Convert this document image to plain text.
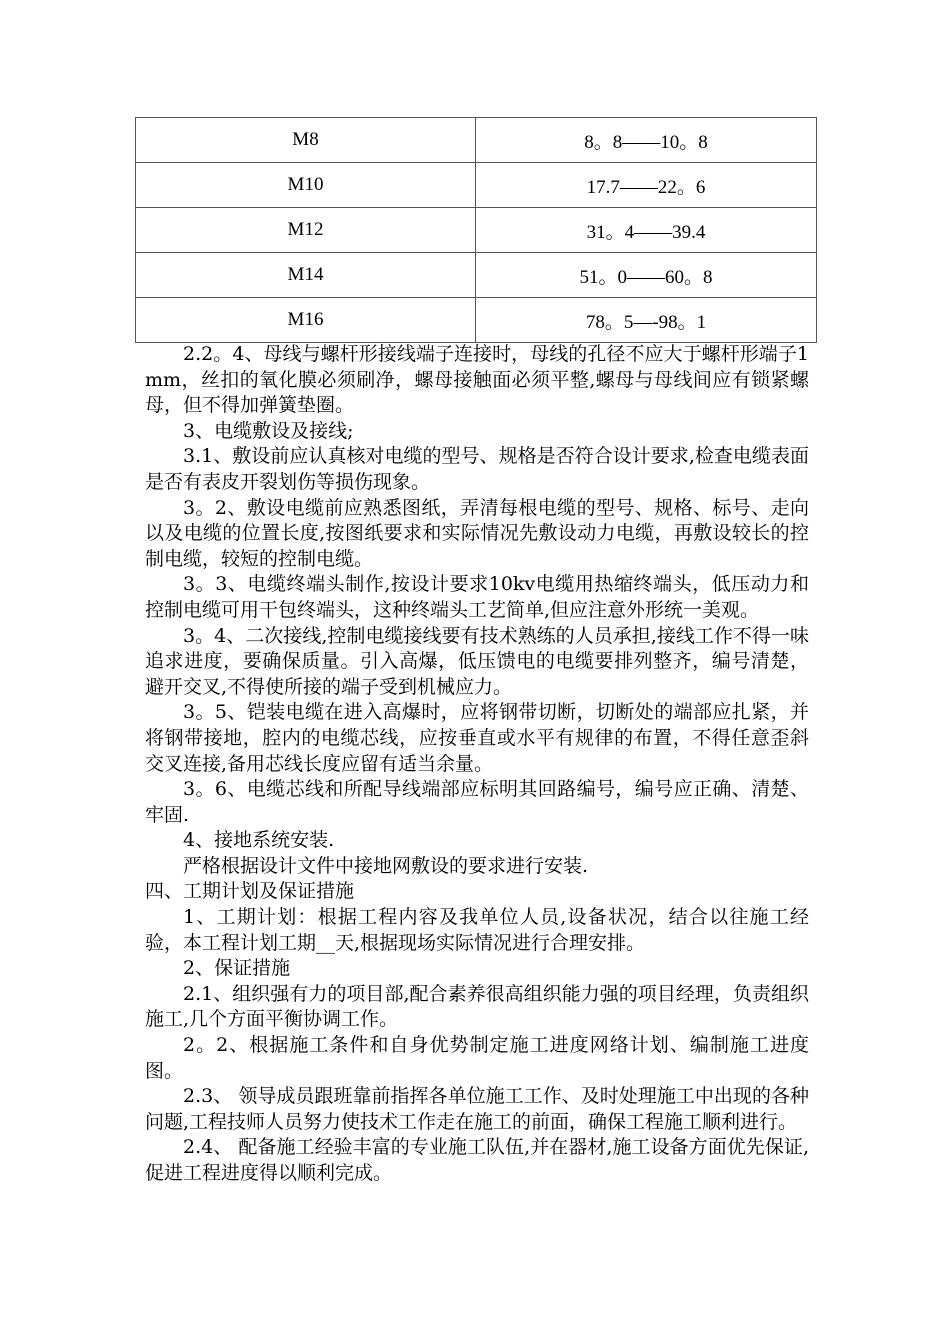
M8	8。8——10。8
M10	17.7——22。6
M12	31。4——39.4
M14	51。0——60。8
M16	78。5—-98。1

2.2。4、母线与螺杆形接线端子连接时，母线的孔径不应大于螺杆形端子1mm，丝扣的氧化膜必须刷净，螺母接触面必须平整,螺母与母线间应有锁紧螺母，但不得加弹簧垫圈。

3、电缆敷设及接线;

3.1、敷设前应认真核对电缆的型号、规格是否符合设计要求,检查电缆表面是否有表皮开裂划伤等损伤现象。

3。2、敷设电缆前应熟悉图纸，弄清每根电缆的型号、规格、标号、走向以及电缆的位置长度,按图纸要求和实际情况先敷设动力电缆，再敷设较长的控制电缆，较短的控制电缆。

3。3、电缆终端头制作,按设计要求10kv电缆用热缩终端头，低压动力和控制电缆可用干包终端头，这种终端头工艺简单,但应注意外形统一美观。

3。4、二次接线,控制电缆接线要有技术熟练的人员承担,接线工作不得一味追求进度，要确保质量。引入高爆，低压馈电的电缆要排列整齐，编号清楚，避开交叉,不得使所接的端子受到机械应力。

3。5、铠装电缆在进入高爆时，应将钢带切断，切断处的端部应扎紧，并将钢带接地，腔内的电缆芯线，应按垂直或水平有规律的布置，不得任意歪斜交叉连接,备用芯线长度应留有适当余量。

3。6、电缆芯线和所配导线端部应标明其回路编号，编号应正确、清楚、牢固.

4、接地系统安装.

严格根据设计文件中接地网敷设的要求进行安装.

四、工期计划及保证措施

1、工期计划：根据工程内容及我单位人员,设备状况，结合以往施工经验，本工程计划工期__天,根据现场实际情况进行合理安排。

2、保证措施

2.1、组织强有力的项目部,配合素养很高组织能力强的项目经理，负责组织施工,几个方面平衡协调工作。

2。2、根据施工条件和自身优势制定施工进度网络计划、编制施工进度图。

2.3、 领导成员跟班靠前指挥各单位施工工作、及时处理施工中出现的各种问题,工程技师人员努力使技术工作走在施工的前面，确保工程施工顺利进行。

2.4、 配备施工经验丰富的专业施工队伍,并在器材,施工设备方面优先保证,促进工程进度得以顺利完成。
